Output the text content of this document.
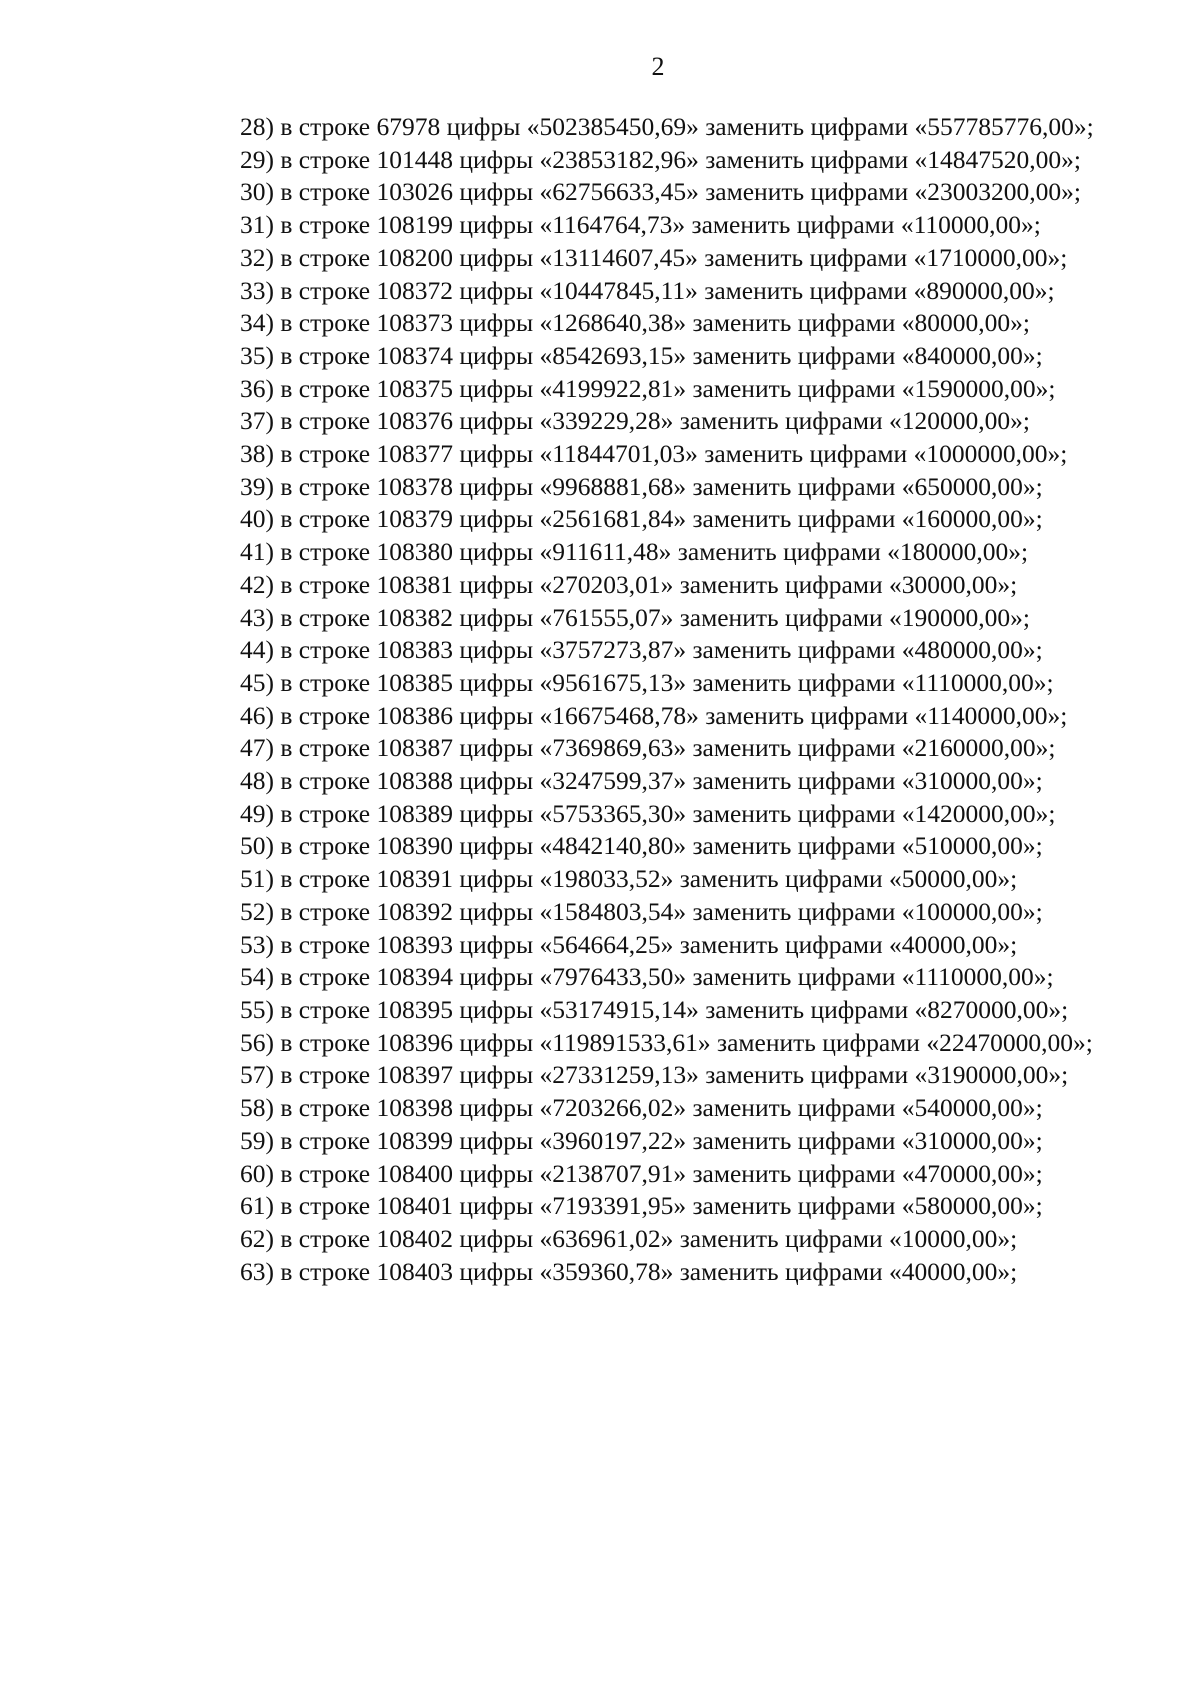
2
28) в строке 67978 цифры «502385450,69» заменить цифрами «557785776,00»;
29) в строке 101448 цифры «23853182,96» заменить цифрами «14847520,00»;
30) в строке 103026 цифры «62756633,45» заменить цифрами «23003200,00»;
31) в строке 108199 цифры «1164764,73» заменить цифрами «110000,00»;
32) в строке 108200 цифры «13114607,45» заменить цифрами «1710000,00»;
33) в строке 108372 цифры «10447845,11» заменить цифрами «890000,00»;
34) в строке 108373 цифры «1268640,38» заменить цифрами «80000,00»;
35) в строке 108374 цифры «8542693,15» заменить цифрами «840000,00»;
36) в строке 108375 цифры «4199922,81» заменить цифрами «1590000,00»;
37) в строке 108376 цифры «339229,28» заменить цифрами «120000,00»;
38) в строке 108377 цифры «11844701,03» заменить цифрами «1000000,00»;
39) в строке 108378 цифры «9968881,68» заменить цифрами «650000,00»;
40) в строке 108379 цифры «2561681,84» заменить цифрами «160000,00»;
41) в строке 108380 цифры «911611,48» заменить цифрами «180000,00»;
42) в строке 108381 цифры «270203,01» заменить цифрами «30000,00»;
43) в строке 108382 цифры «761555,07» заменить цифрами «190000,00»;
44) в строке 108383 цифры «3757273,87» заменить цифрами «480000,00»;
45) в строке 108385 цифры «9561675,13» заменить цифрами «1110000,00»;
46) в строке 108386 цифры «16675468,78» заменить цифрами «1140000,00»;
47) в строке 108387 цифры «7369869,63» заменить цифрами «2160000,00»;
48) в строке 108388 цифры «3247599,37» заменить цифрами «310000,00»;
49) в строке 108389 цифры «5753365,30» заменить цифрами «1420000,00»;
50) в строке 108390 цифры «4842140,80» заменить цифрами «510000,00»;
51) в строке 108391 цифры «198033,52» заменить цифрами «50000,00»;
52) в строке 108392 цифры «1584803,54» заменить цифрами «100000,00»;
53) в строке 108393 цифры «564664,25» заменить цифрами «40000,00»;
54) в строке 108394 цифры «7976433,50» заменить цифрами «1110000,00»;
55) в строке 108395 цифры «53174915,14» заменить цифрами «8270000,00»;
56) в строке 108396 цифры «119891533,61» заменить цифрами «22470000,00»;
57) в строке 108397 цифры «27331259,13» заменить цифрами «3190000,00»;
58) в строке 108398 цифры «7203266,02» заменить цифрами «540000,00»;
59) в строке 108399 цифры «3960197,22» заменить цифрами «310000,00»;
60) в строке 108400 цифры «2138707,91» заменить цифрами «470000,00»;
61) в строке 108401 цифры «7193391,95» заменить цифрами «580000,00»;
62) в строке 108402 цифры «636961,02» заменить цифрами «10000,00»;
63) в строке 108403 цифры «359360,78» заменить цифрами «40000,00»;
